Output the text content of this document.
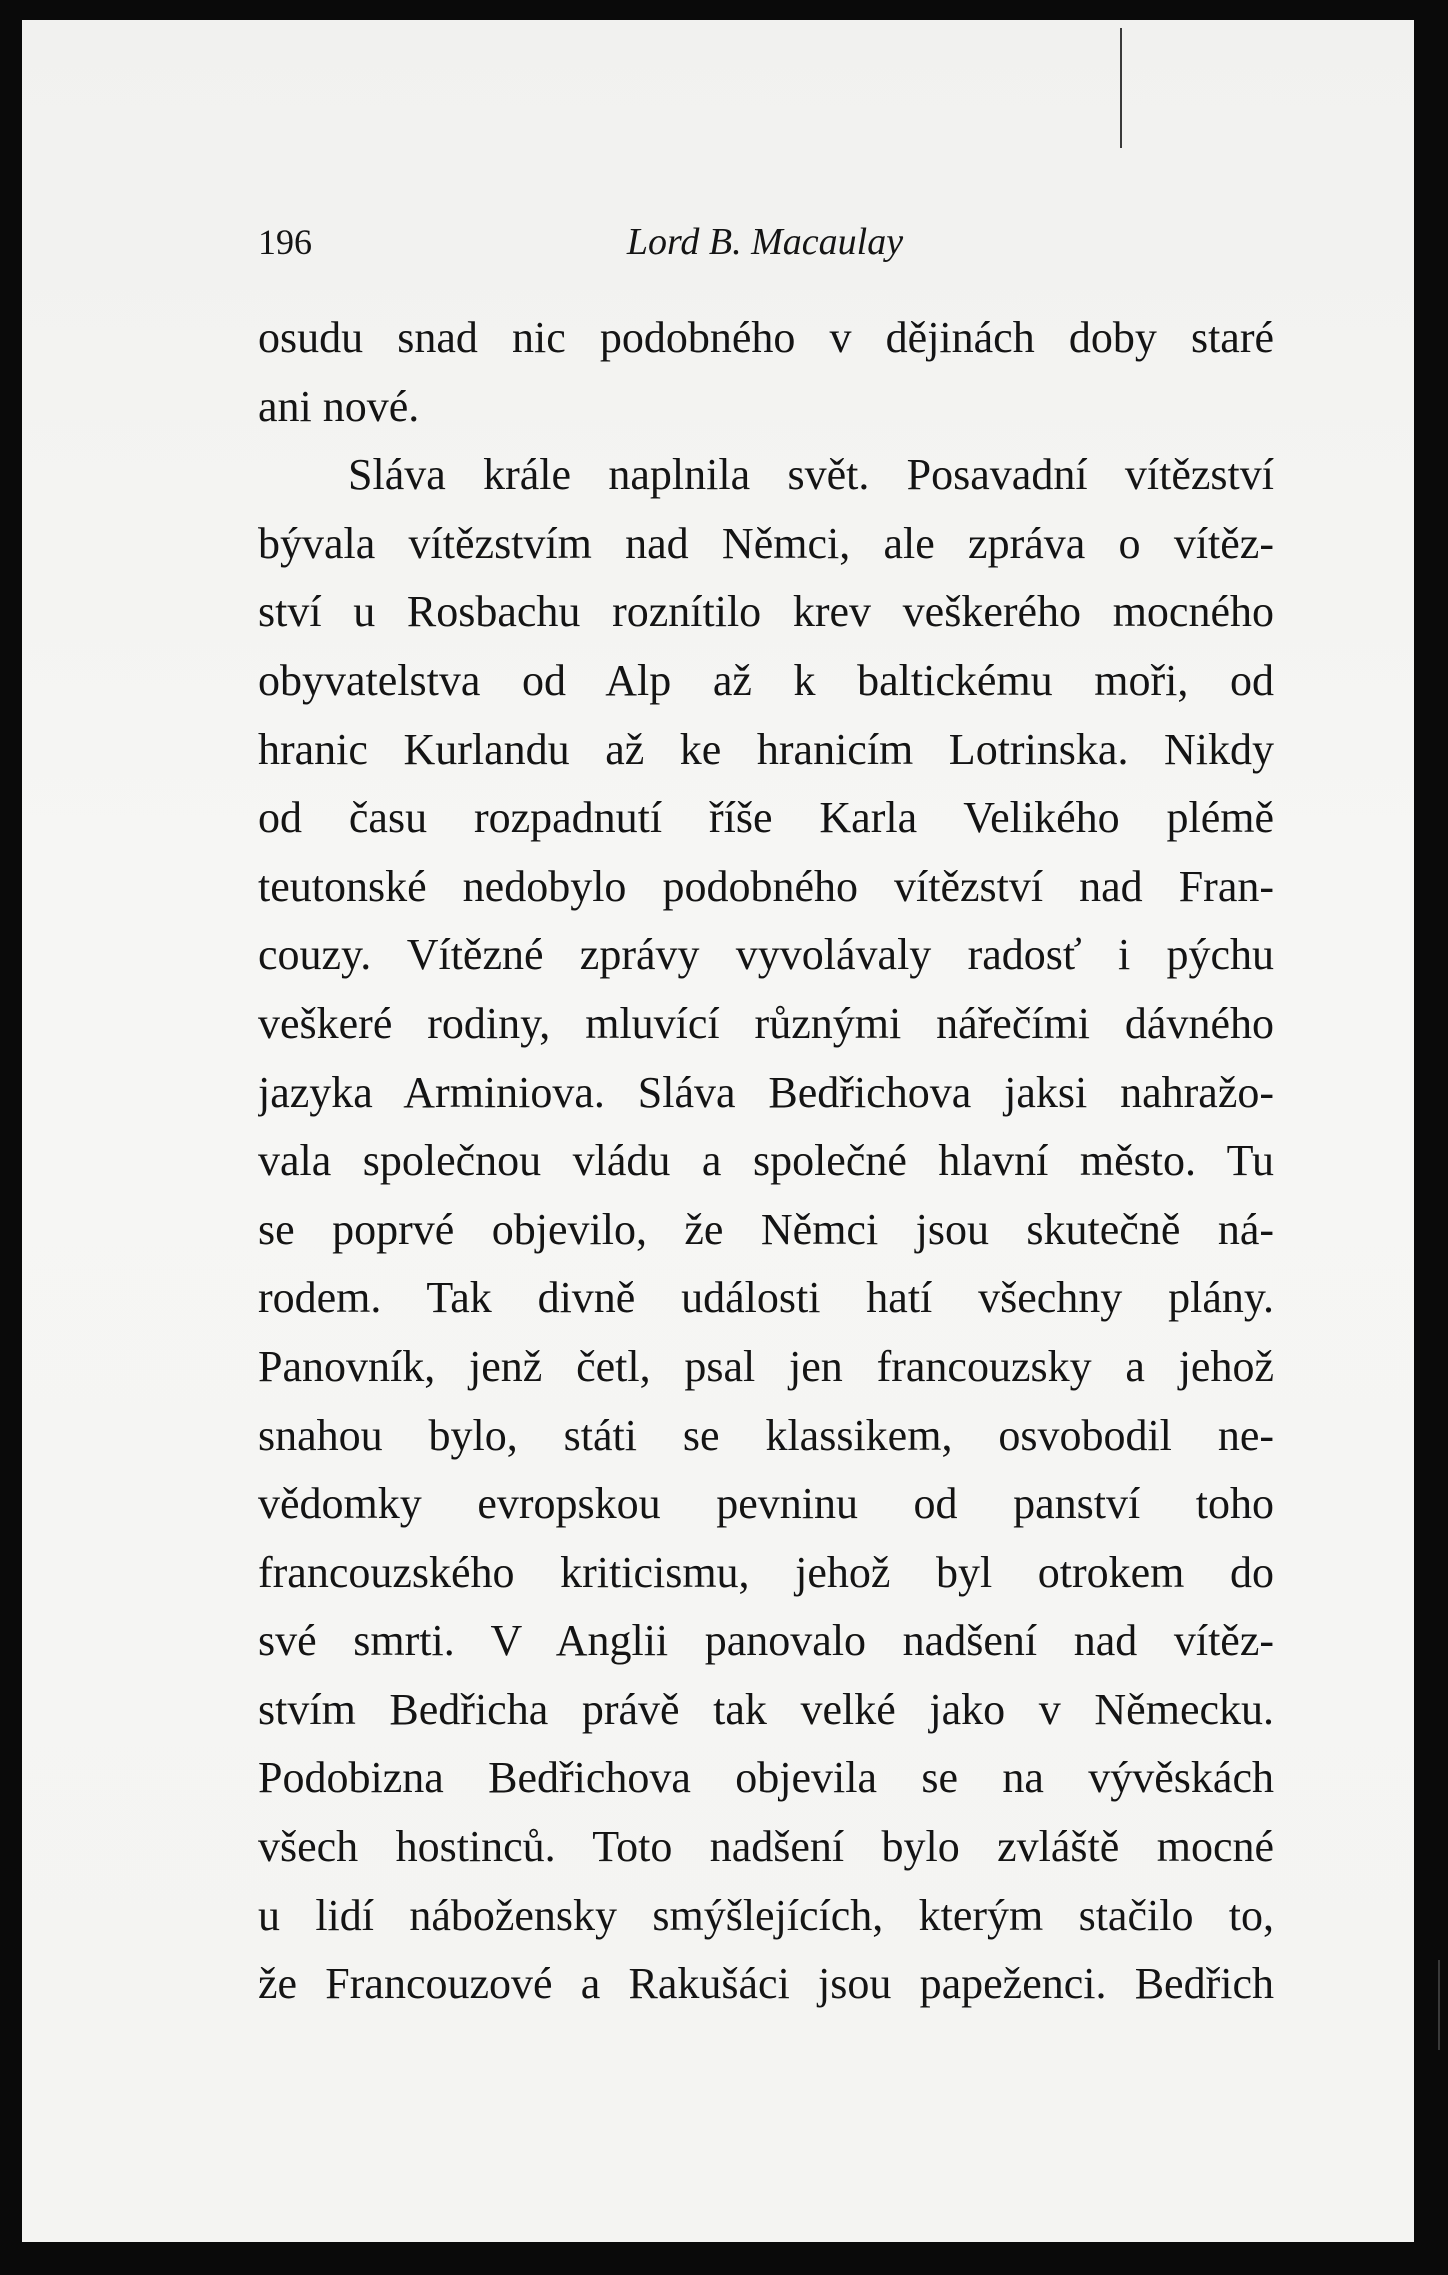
196	Lord B. Macaulay
osudu snad nic podobného v dějinách doby staré
ani nové.
Sláva krále naplnila svět. Posavadní vítězství
bývala vítězstvím nad Němci, ale zpráva o vítěz-
ství u Rosbachu roznítilo krev veškerého mocného
obyvatelstva od Alp až k baltickému moři, od
hranic Kurlandu až ke hranicím Lotrinska. Nikdy
od času rozpadnutí říše Karla Velikého plémě
teutonské nedobylo podobného vítězství nad Fran-
couzy. Vítězné zprávy vyvolávaly radosť i pýchu
veškeré rodiny, mluvící různými nářečími dávného
jazyka Arminiova. Sláva Bedřichova jaksi nahražo-
vala společnou vládu a společné hlavní město. Tu
se poprvé objevilo, že Němci jsou skutečně ná-
rodem. Tak divně události hatí všechny plány.
Panovník, jenž četl, psal jen francouzsky a jehož
snahou bylo, státi se klassikem, osvobodil ne-
vědomky evropskou pevninu od panství toho
francouzského kriticismu, jehož byl otrokem do
své smrti. V Anglii panovalo nadšení nad vítěz-
stvím Bedřicha právě tak velké jako v Německu.
Podobizna Bedřichova objevila se na vývěskách
všech hostinců. Toto nadšení bylo zvláště mocné
u lidí nábožensky smýšlejících, kterým stačilo to,
že Francouzové a Rakušáci jsou papeženci. Bedřich
